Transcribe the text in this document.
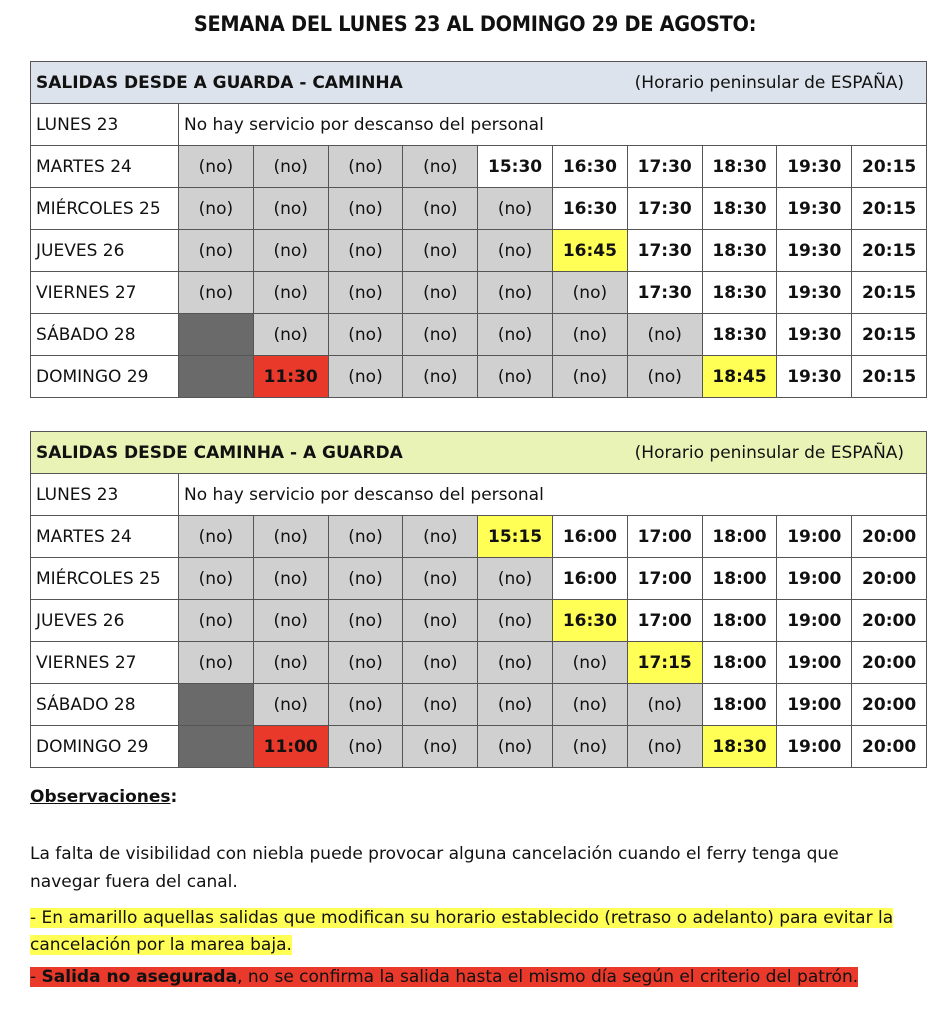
SEMANA DEL LUNES 23 AL DOMINGO 29 DE AGOSTO:
(Horario peninsular de ESPAÑA)
SALIDAS DESDE A GUARDA - CAMINHA										
LUNES 23	No hay servicio por descanso del personal									
MARTES 24	(no)	(no)	(no)	(no)	15:30	16:30	17:30	18:30	19:30	20:15
MIÉRCOLES 25	(no)	(no)	(no)	(no)	(no)	16:30	17:30	18:30	19:30	20:15
JUEVES 26	(no)	(no)	(no)	(no)	(no)	16:45	17:30	18:30	19:30	20:15
VIERNES 27	(no)	(no)	(no)	(no)	(no)	(no)	17:30	18:30	19:30	20:15
SÁBADO 28		(no)	(no)	(no)	(no)	(no)	(no)	18:30	19:30	20:15
DOMINGO 29		11:30	(no)	(no)	(no)	(no)	(no)	18:45	19:30	20:15
(Horario peninsular de ESPAÑA)
SALIDAS DESDE CAMINHA - A GUARDA										
LUNES 23	No hay servicio por descanso del personal									
MARTES 24	(no)	(no)	(no)	(no)	15:15	16:00	17:00	18:00	19:00	20:00
MIÉRCOLES 25	(no)	(no)	(no)	(no)	(no)	16:00	17:00	18:00	19:00	20:00
JUEVES 26	(no)	(no)	(no)	(no)	(no)	16:30	17:00	18:00	19:00	20:00
VIERNES 27	(no)	(no)	(no)	(no)	(no)	(no)	17:15	18:00	19:00	20:00
SÁBADO 28		(no)	(no)	(no)	(no)	(no)	(no)	18:00	19:00	20:00
DOMINGO 29		11:00	(no)	(no)	(no)	(no)	(no)	18:30	19:00	20:00
Observaciones:
La falta de visibilidad con niebla puede provocar alguna cancelación cuando el ferry tenga que navegar fuera del canal.
- En amarillo aquellas salidas que modifican su horario establecido (retraso o adelanto) para evitar la cancelación por la marea baja.
- Salida no asegurada, no se confirma la salida hasta el mismo día según el criterio del patrón.
